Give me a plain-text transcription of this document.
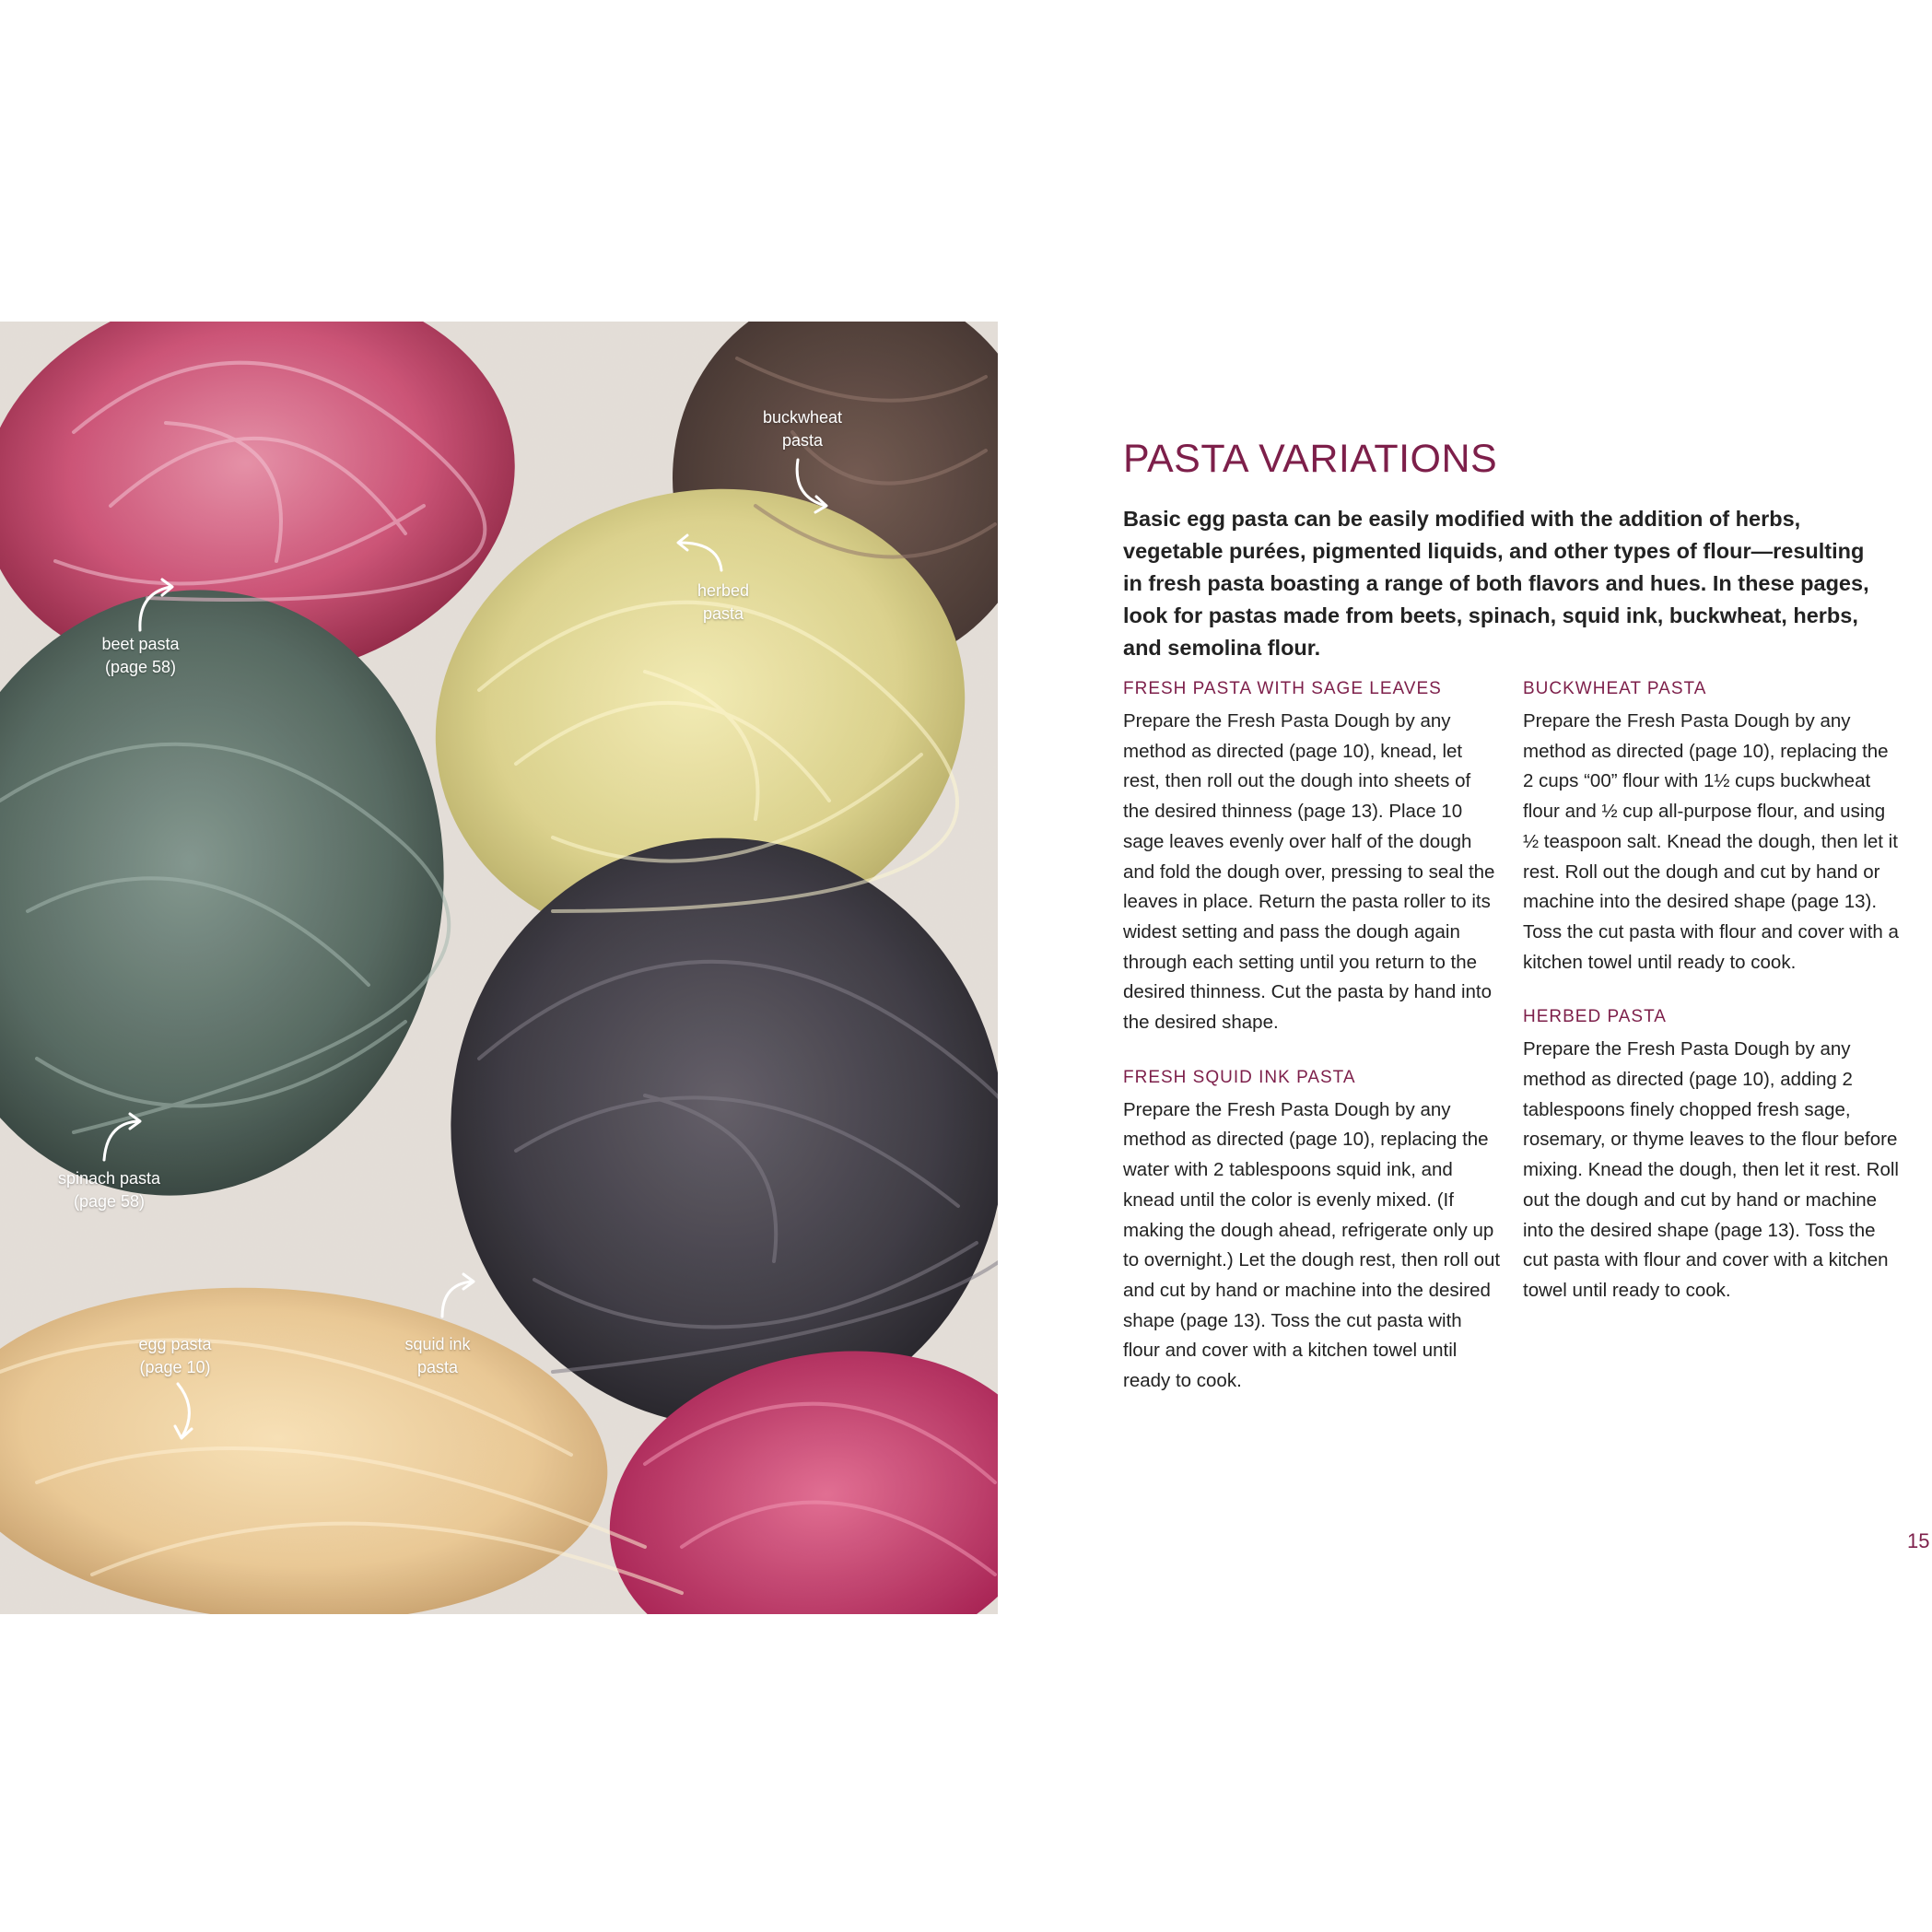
beet pasta
(page 58)
buckwheat
pasta
herbed
pasta
spinach pasta
(page 58)
egg pasta
(page 10)
squid ink
pasta
PASTA VARIATIONS
Basic egg pasta can be easily modified with the addition of herbs, vegetable purées, pigmented liquids, and other types of flour—resulting in fresh pasta boasting a range of both flavors and hues. In these pages, look for pastas made from beets, spinach, squid ink, buckwheat, herbs, and semolina flour.
FRESH PASTA WITH SAGE LEAVES

Prepare the Fresh Pasta Dough by any method as directed (page 10), knead, let rest, then roll out the dough into sheets of the desired thinness (page 13). Place 10 sage leaves evenly over half of the dough and fold the dough over, pressing to seal the leaves in place. Return the pasta roller to its widest setting and pass the dough again through each setting until you return to the desired thinness. Cut the pasta by hand into the desired shape.

FRESH SQUID INK PASTA

Prepare the Fresh Pasta Dough by any method as directed (page 10), replacing the water with 2 tablespoons squid ink, and knead until the color is evenly mixed. (If making the dough ahead, refrigerate only up to overnight.) Let the dough rest, then roll out and cut by hand or machine into the desired shape (page 13). Toss the cut pasta with flour and cover with a kitchen towel until ready to cook.

BUCKWHEAT PASTA

Prepare the Fresh Pasta Dough by any method as directed (page 10), replacing the 2 cups “00” flour with 1½ cups buckwheat flour and ½ cup all-purpose flour, and using ½ teaspoon salt. Knead the dough, then let it rest. Roll out the dough and cut by hand or machine into the desired shape (page 13). Toss the cut pasta with flour and cover with a kitchen towel until ready to cook.

HERBED PASTA

Prepare the Fresh Pasta Dough by any method as directed (page 10), adding 2 tablespoons finely chopped fresh sage, rosemary, or thyme leaves to the flour before mixing. Knead the dough, then let it rest. Roll out the dough and cut by hand or machine into the desired shape (page 13). Toss the cut pasta with flour and cover with a kitchen towel until ready to cook.

15
